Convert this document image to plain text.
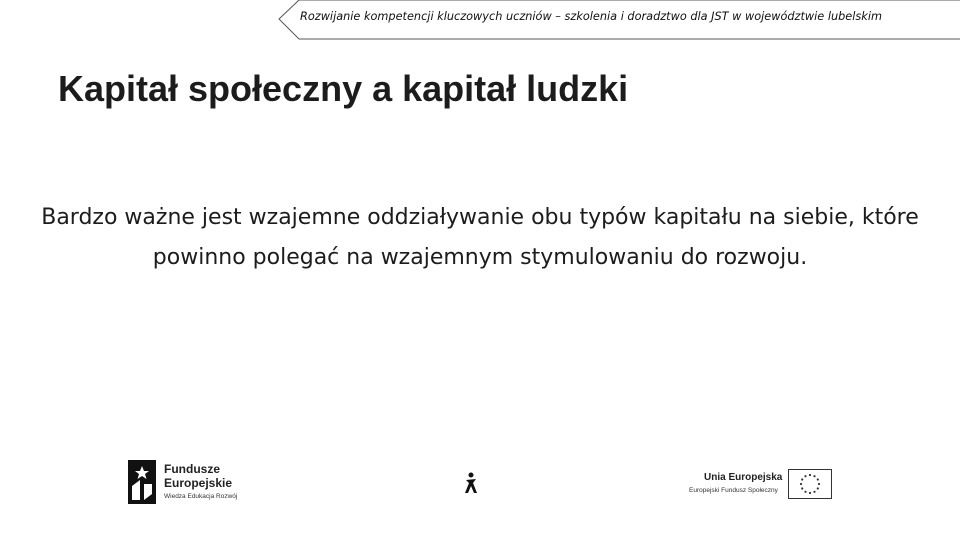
Rozwijanie kompetencji kluczowych uczniów – szkolenia i doradztwo dla JST w województwie lubelskim
Kapitał społeczny a kapitał ludzki

Bardzo ważne jest wzajemne oddziaływanie obu typów kapitału na siebie, które powinno polegać na wzajemnym stymulowaniu do rozwoju.

Fundusze
Europejskie
Wiedza Edukacja Rozwój
Unia Europejska
Europejski Fundusz Społeczny
